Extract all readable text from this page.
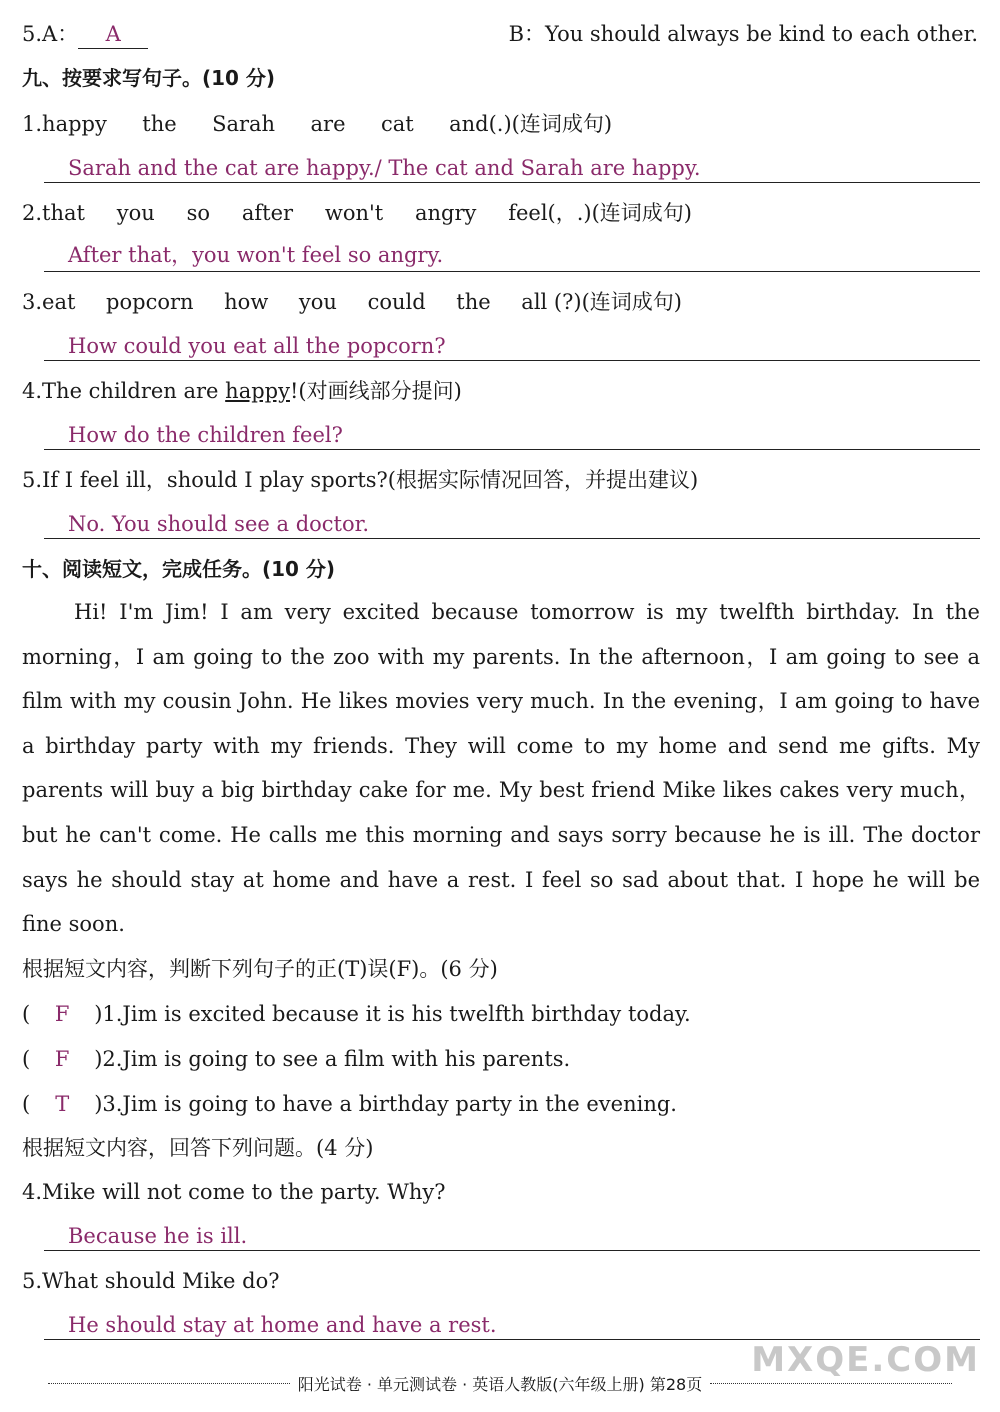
5.A： A	B：You should always be kind to each other.
九、按要求写句子。(10 分)
1. happy the Sarah are cat and(.)(连词成句)
Sarah and the cat are happy./ The cat and Sarah are happy.
2. that you so after won't angry feel(，.)(连词成句)
After that，you won't feel so angry.
3. eat popcorn how you could the all (?)(连词成句)
How could you eat all the popcorn?
4.The children are happy!(对画线部分提问)
How do the children feel?
5.If I feel ill，should I play sports?(根据实际情况回答，并提出建议)
No. You should see a doctor.
十、阅读短文，完成任务。(10 分)
Hi! I'm Jim! I am very excited because tomorrow is my twelfth birthday. In the morning，I am going to the zoo with my parents. In the afternoon，I am going to see a film with my cousin John. He likes movies very much. In the evening，I am going to have a birthday party with my friends. They will come to my home and send me gifts. My parents will buy a big birthday cake for me. My best friend Mike likes cakes very much，but he can't come. He calls me this morning and says sorry because he is ill. The doctor says he should stay at home and have a rest. I feel so sad about that. I hope he will be fine soon.
根据短文内容，判断下列句子的正(T)误(F)。(6 分)
( F )1.Jim is excited because it is his twelfth birthday today.
( F )2.Jim is going to see a film with his parents.
( T )3.Jim is going to have a birthday party in the evening.
根据短文内容，回答下列问题。(4 分)
4.Mike will not come to the party. Why?
Because he is ill.
5.What should Mike do?
He should stay at home and have a rest.
阳光试卷 · 单元测试卷 · 英语人教版(六年级上册) 第28页
MXQE.COM
